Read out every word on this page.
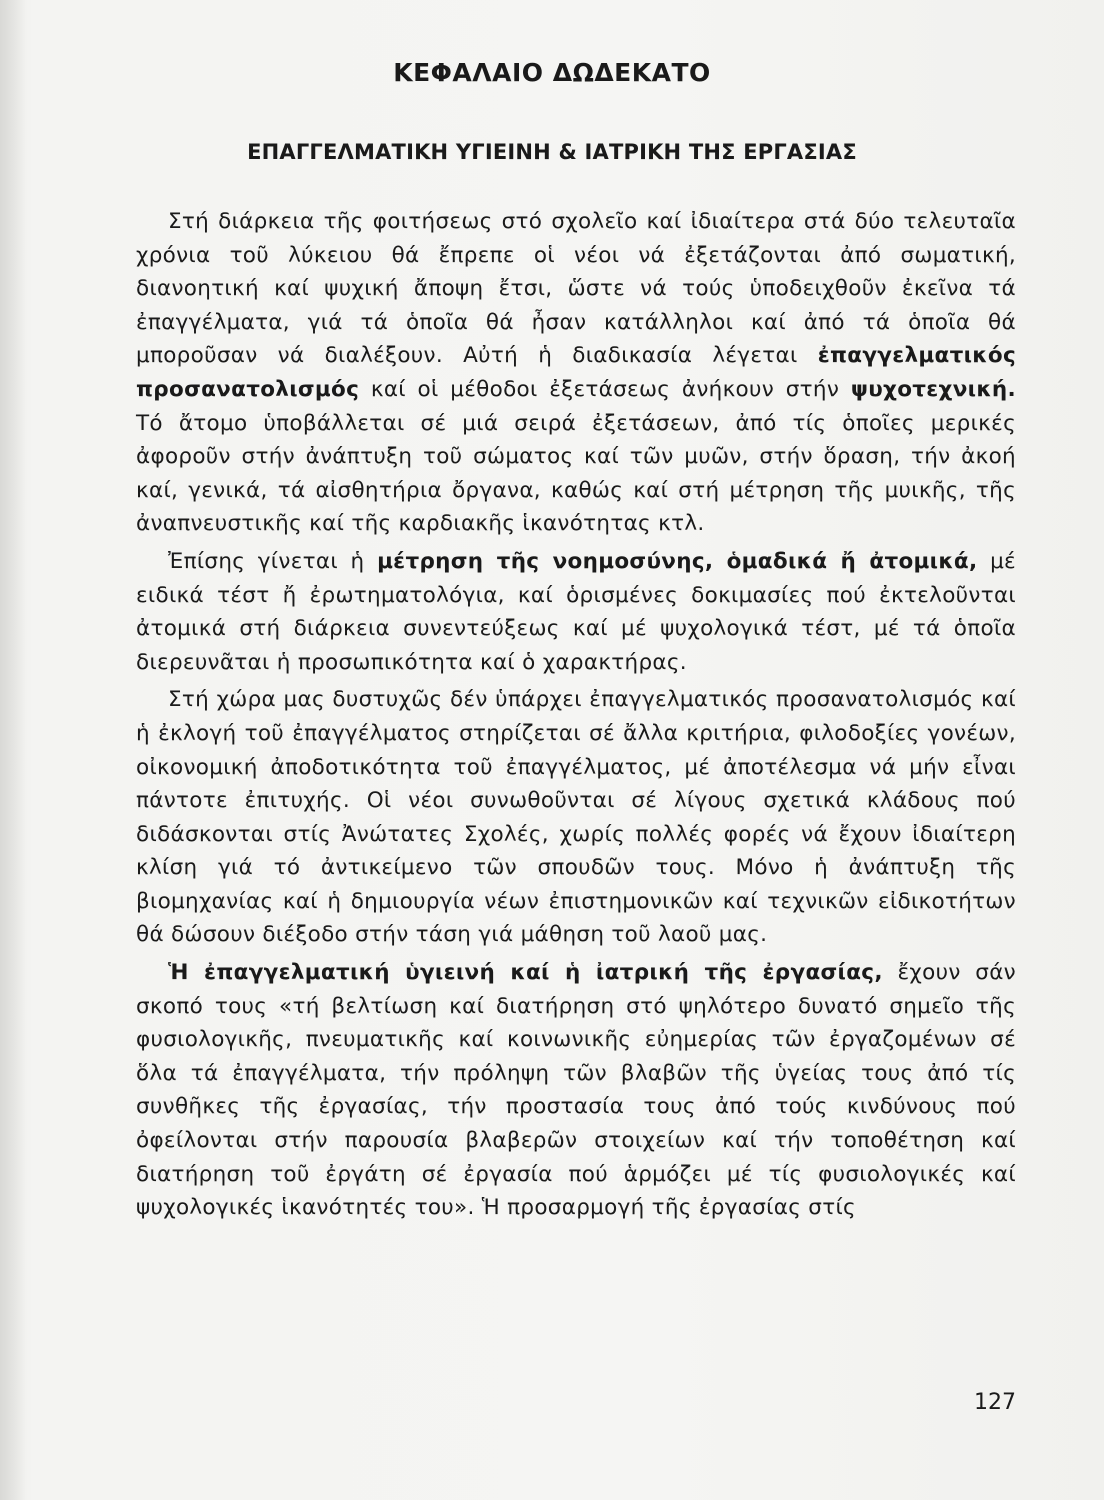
ΚΕΦΑΛΑΙΟ ΔΩΔΕΚΑΤΟ
ΕΠΑΓΓΕΛΜΑΤΙΚΗ ΥΓΙΕΙΝΗ & ΙΑΤΡΙΚΗ ΤΗΣ ΕΡΓΑΣΙΑΣ

Στή διάρκεια τῆς φοιτήσεως στό σχολεῖο καί ἰδιαίτερα στά δύο τελευταῖα χρόνια τοῦ λύκειου θά ἔπρεπε οἱ νέοι νά ἐξετάζονται ἀπό σωματική, διανοητική καί ψυχική ἄποψη ἔτσι, ὥστε νά τούς ὑποδειχθοῦν ἐκεῖνα τά ἐπαγγέλματα, γιά τά ὁποῖα θά ἦσαν κατάλληλοι καί ἀπό τά ὁποῖα θά μποροῦσαν νά διαλέξουν. Αὐτή ἡ διαδικασία λέγεται ἐπαγγελματικός προσανατολισμός καί οἱ μέθοδοι ἐξετάσεως ἀνήκουν στήν ψυχοτεχνική. Τό ἄτομο ὑποβάλλεται σέ μιά σειρά ἐξετάσεων, ἀπό τίς ὁποῖες μερικές ἀφοροῦν στήν ἀνάπτυξη τοῦ σώματος καί τῶν μυῶν, στήν ὅραση, τήν ἀκοή καί, γενικά, τά αἰσθητήρια ὄργανα, καθώς καί στή μέτρηση τῆς μυικῆς, τῆς ἀναπνευστικῆς καί τῆς καρδιακῆς ἱκανότητας κτλ.

Ἐπίσης γίνεται ἡ μέτρηση τῆς νοημοσύνης, ὁμαδικά ἤ ἀτομικά, μέ ειδικά τέστ ἤ ἐρωτηματολόγια, καί ὁρισμένες δοκιμασίες πού ἐκτελοῦνται ἀτομικά στή διάρκεια συνεντεύξεως καί μέ ψυχολογικά τέστ, μέ τά ὁποῖα διερευνᾶται ἡ προσωπικότητα καί ὁ χαρακτήρας.

Στή χώρα μας δυστυχῶς δέν ὑπάρχει ἐπαγγελματικός προσανατολισμός καί ἡ ἐκλογή τοῦ ἐπαγγέλματος στηρίζεται σέ ἄλλα κριτήρια, φιλοδοξίες γονέων, οἰκονομική ἀποδοτικότητα τοῦ ἐπαγγέλματος, μέ ἀποτέλεσμα νά μήν εἶναι πάντοτε ἐπιτυχής. Οἱ νέοι συνωθοῦνται σέ λίγους σχετικά κλάδους πού διδάσκονται στίς Ἀνώτατες Σχολές, χωρίς πολλές φορές νά ἔχουν ἰδιαίτερη κλίση γιά τό ἀντικείμενο τῶν σπουδῶν τους. Μόνο ἡ ἀνάπτυξη τῆς βιομηχανίας καί ἡ δημιουργία νέων ἐπιστημονικῶν καί τεχνικῶν εἰδικοτήτων θά δώσουν διέξοδο στήν τάση γιά μάθηση τοῦ λαοῦ μας.

Ἡ ἐπαγγελματική ὑγιεινή καί ἡ ἰατρική τῆς ἐργασίας, ἔχουν σάν σκοπό τους «τή βελτίωση καί διατήρηση στό ψηλότερο δυνατό σημεῖο τῆς φυσιολογικῆς, πνευματικῆς καί κοινωνικῆς εὐημερίας τῶν ἐργαζομένων σέ ὅλα τά ἐπαγγέλματα, τήν πρόληψη τῶν βλαβῶν τῆς ὑγείας τους ἀπό τίς συνθῆκες τῆς ἐργασίας, τήν προστασία τους ἀπό τούς κινδύνους πού ὀφείλονται στήν παρουσία βλαβερῶν στοιχείων καί τήν τοποθέτηση καί διατήρηση τοῦ ἐργάτη σέ ἐργασία πού ἁρμόζει μέ τίς φυσιολογικές καί ψυχολογικές ἱκανότητές του». Ἡ προσαρμογή τῆς ἐργασίας στίς

127
